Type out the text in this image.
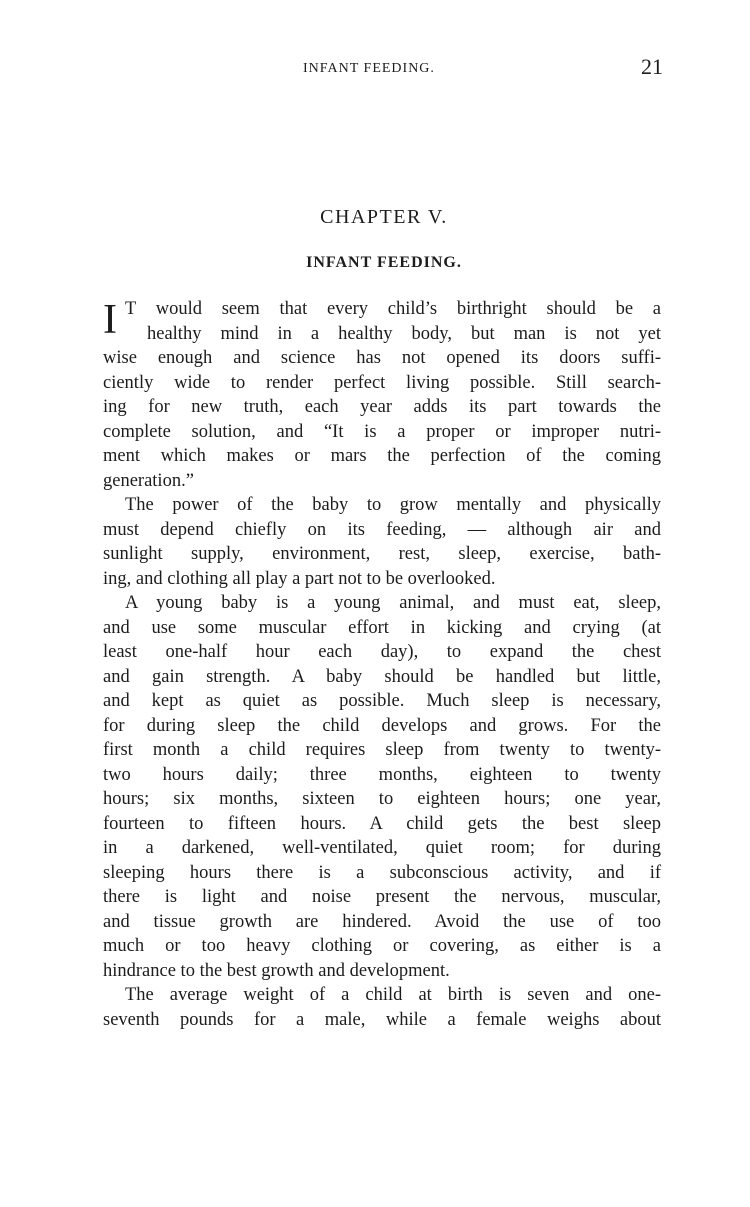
INFANT FEEDING.	21
CHAPTER V.
INFANT FEEDING.
I T would seem that every child’s birthright should be a
healthy mind in a healthy body, but man is not yet
wise enough and science has not opened its doors suffi-
ciently wide to render perfect living possible. Still search-
ing for new truth, each year adds its part towards the
complete solution, and “It is a proper or improper nutri-
ment which makes or mars the perfection of the coming
generation.”
The power of the baby to grow mentally and physically
must depend chiefly on its feeding, — although air and
sunlight supply, environment, rest, sleep, exercise, bath-
ing, and clothing all play a part not to be overlooked.
A young baby is a young animal, and must eat, sleep,
and use some muscular effort in kicking and crying (at
least one-half hour each day), to expand the chest
and gain strength. A baby should be handled but little,
and kept as quiet as possible. Much sleep is necessary,
for during sleep the child develops and grows. For the
first month a child requires sleep from twenty to twenty-
two hours daily; three months, eighteen to twenty
hours; six months, sixteen to eighteen hours; one year,
fourteen to fifteen hours. A child gets the best sleep
in a darkened, well-ventilated, quiet room; for during
sleeping hours there is a subconscious activity, and if
there is light and noise present the nervous, muscular,
and tissue growth are hindered. Avoid the use of too
much or too heavy clothing or covering, as either is a
hindrance to the best growth and development.
The average weight of a child at birth is seven and one-
seventh pounds for a male, while a female weighs about
